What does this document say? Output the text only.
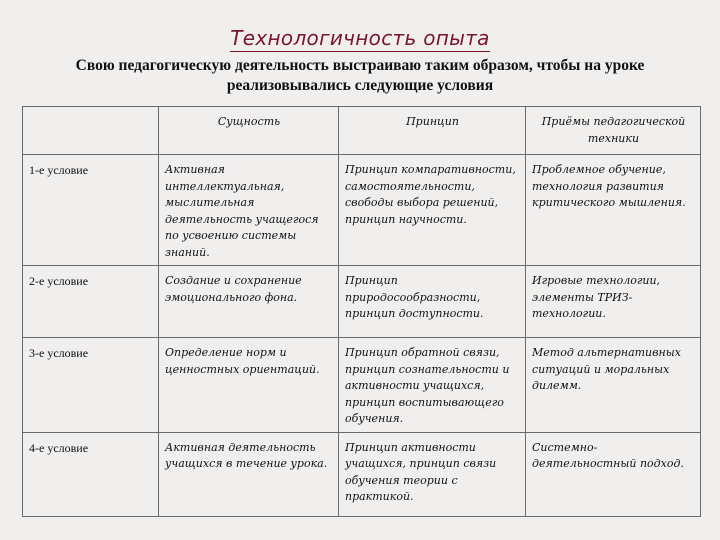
Технологичность опыта
Свою педагогическую деятельность выстраиваю таким образом, чтобы на уроке реализовывались следующие условия
	Сущность	Принцип	Приёмы педагогической техники
1-е условие	Активная интеллектуальная, мыслительная деятельность учащегося по усвоению системы знаний.	Принцип компаративности, самостоятельности, свободы выбора решений, принцип научности.	Проблемное обучение, технология развития критического мышления.
2-е условие	Создание и сохранение эмоционального фона.	Принцип природосообразности, принцип доступности.	Игровые технологии, элементы ТРИЗ-технологии.
3-е условие	Определение норм и ценностных ориентаций.	Принцип обратной связи, принцип сознательности и активности учащихся, принцип воспитывающего обучения.	Метод альтернативных ситуаций и моральных дилемм.
4-е условие	Активная деятельность учащихся в течение урока.	Принцип активности учащихся, принцип связи обучения теории с практикой.	Системно-деятельностный подход.
